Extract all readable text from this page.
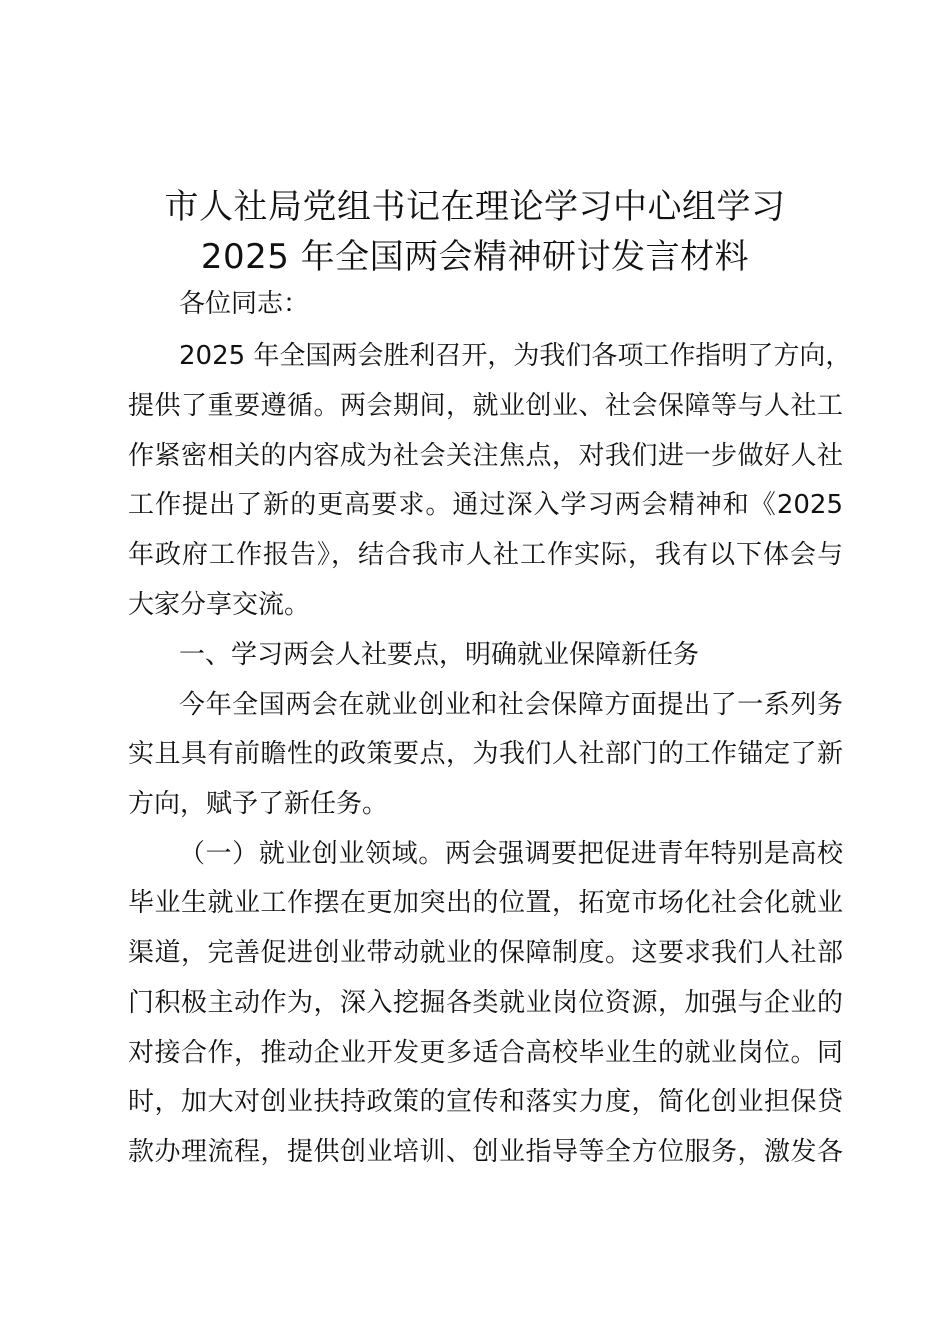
市人社局党组书记在理论学习中心组学习
2025 年全国两会精神研讨发言材料
各位同志：
2025 年全国两会胜利召开，为我们各项工作指明了方向，
提供了重要遵循。两会期间，就业创业、社会保障等与人社工
作紧密相关的内容成为社会关注焦点，对我们进一步做好人社
工作提出了新的更高要求。通过深入学习两会精神和《2025
年政府工作报告》，结合我市人社工作实际，我有以下体会与
大家分享交流。
一、学习两会人社要点，明确就业保障新任务
今年全国两会在就业创业和社会保障方面提出了一系列务
实且具有前瞻性的政策要点，为我们人社部门的工作锚定了新
方向，赋予了新任务。
（一）就业创业领域。两会强调要把促进青年特别是高校
毕业生就业工作摆在更加突出的位置，拓宽市场化社会化就业
渠道，完善促进创业带动就业的保障制度。这要求我们人社部
门积极主动作为，深入挖掘各类就业岗位资源，加强与企业的
对接合作，推动企业开发更多适合高校毕业生的就业岗位。同
时，加大对创业扶持政策的宣传和落实力度，简化创业担保贷
款办理流程，提供创业培训、创业指导等全方位服务，激发各
